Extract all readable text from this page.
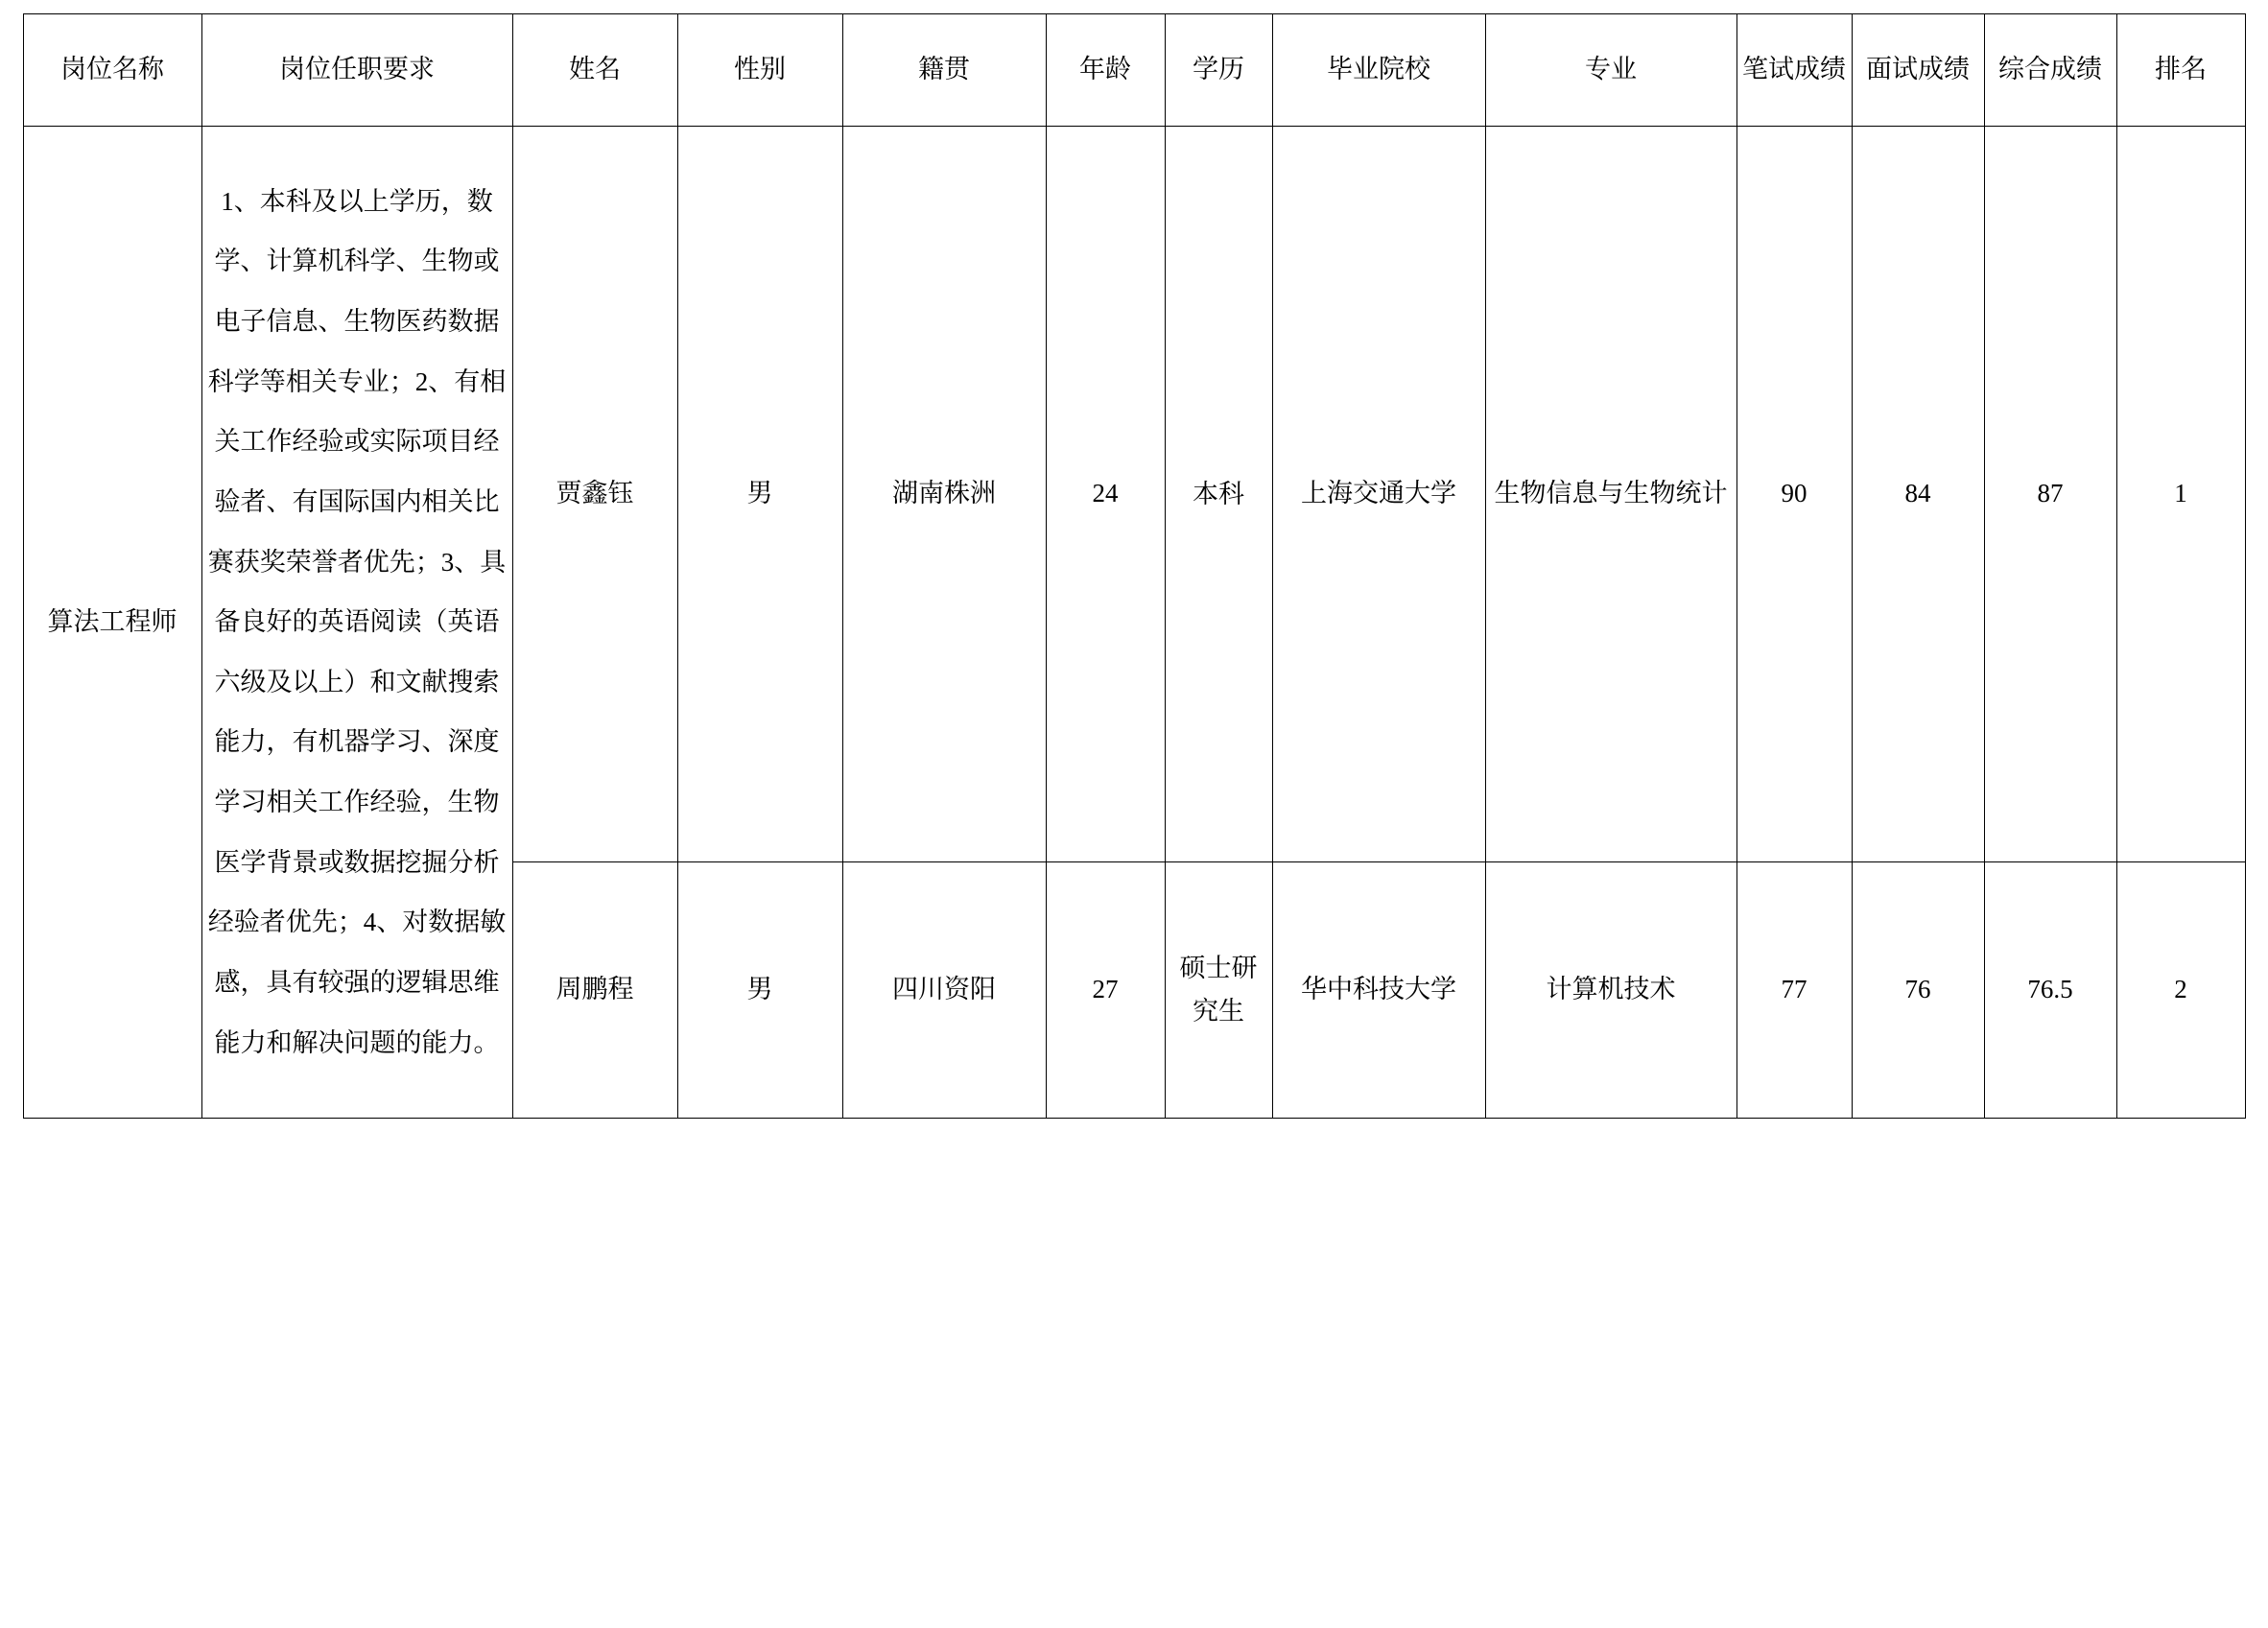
岗位名称	岗位任职要求	姓名	性别	籍贯	年龄	学历	毕业院校	专业	笔试成绩	面试成绩	综合成绩	排名
算法工程师	1、本科及以上学历，数学、计算机科学、生物或电子信息、生物医药数据科学等相关专业；2、有相关工作经验或实际项目经验者、有国际国内相关比赛获奖荣誉者优先；3、具备良好的英语阅读（英语六级及以上）和文献搜索能力，有机器学习、深度学习相关工作经验，生物医学背景或数据挖掘分析经验者优先；4、对数据敏感，具有较强的逻辑思维能力和解决问题的能力。	贾鑫钰	男	湖南株洲	24	本科	上海交通大学	生物信息与生物统计	90	84	87	1
		周鹏程	男	四川资阳	27	硕士研究生	华中科技大学	计算机技术	77	76	76.5	2
